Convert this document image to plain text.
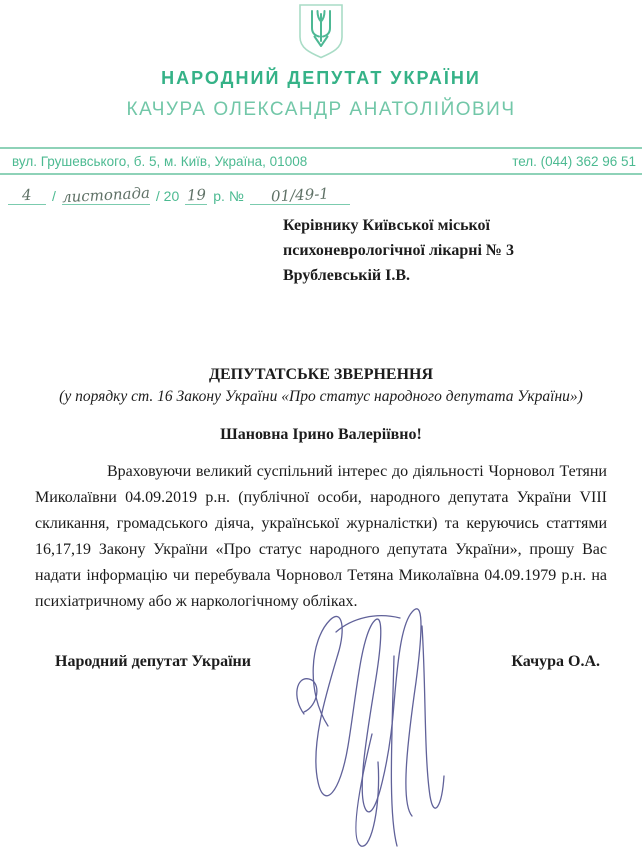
НАРОДНИЙ ДЕПУТАТ УКРАЇНИ
КАЧУРА ОЛЕКСАНДР АНАТОЛІЙОВИЧ
вул. Грушевського, б. 5, м. Київ, Україна, 01008	тел. (044) 362 96 51
4	/ листопада / 20 19 р. №	01/49-1
Керівнику Київської міської
психоневрологічної лікарні № 3
Врублевській І.В.
ДЕПУТАТСЬКЕ ЗВЕРНЕННЯ
(у порядку ст. 16 Закону України «Про статус народного депутата України»)
Шановна Ірино Валеріївно!
Враховуючи великий суспільний інтерес до діяльності Чорновол Тетяни Миколаївни 04.09.2019 р.н. (публічної особи, народного депутата України VIII скликання, громадського діяча, української журналістки) та керуючись статтями 16,17,19 Закону України «Про статус народного депутата України», прошу Вас надати інформацію чи перебувала Чорновол Тетяна Миколаївна 04.09.1979 р.н. на психіатричному або ж наркологічному обліках.
Народний депутат України	Качура О.А.
